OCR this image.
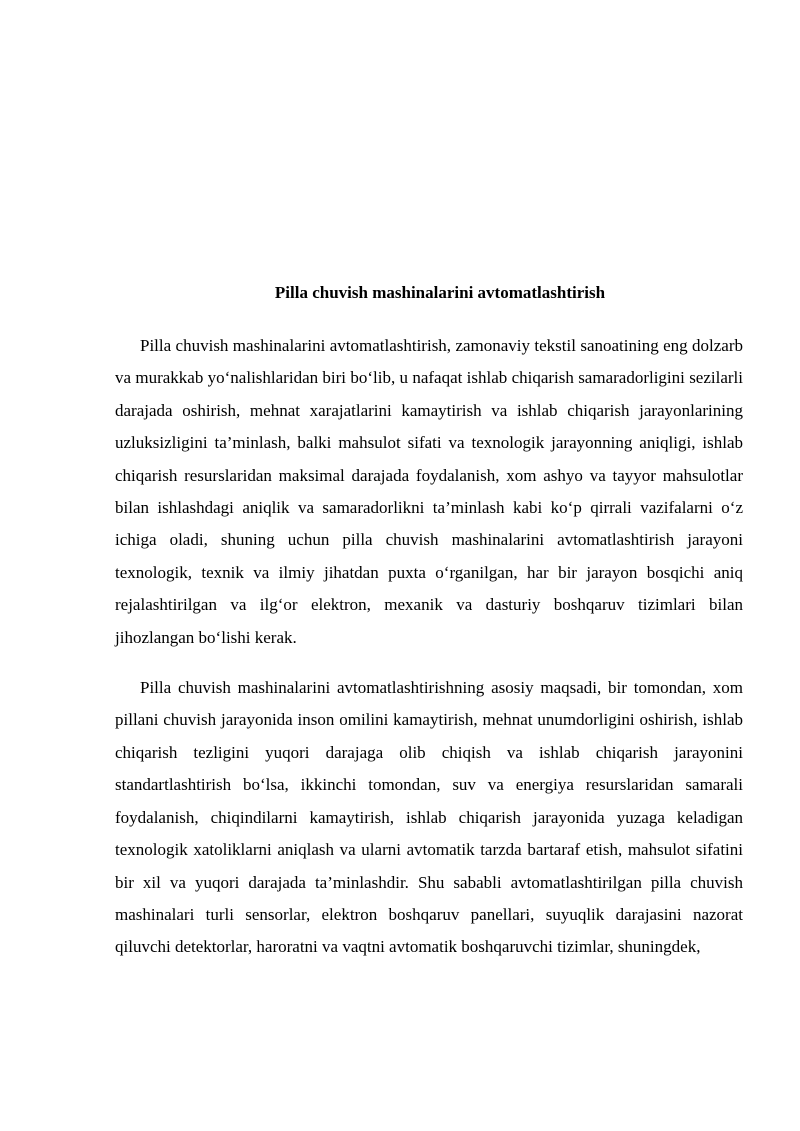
Pilla chuvish mashinalarini avtomatlashtirish

Pilla chuvish mashinalarini avtomatlashtirish, zamonaviy tekstil sanoatining eng dolzarb va murakkab yo‘nalishlaridan biri bo‘lib, u nafaqat ishlab chiqarish samaradorligini sezilarli darajada oshirish, mehnat xarajatlarini kamaytirish va ishlab chiqarish jarayonlarining uzluksizligini ta’minlash, balki mahsulot sifati va texnologik jarayonning aniqligi, ishlab chiqarish resurslaridan maksimal darajada foydalanish, xom ashyo va tayyor mahsulotlar bilan ishlashdagi aniqlik va samaradorlikni ta’minlash kabi ko‘p qirrali vazifalarni o‘z ichiga oladi, shuning uchun pilla chuvish mashinalarini avtomatlashtirish jarayoni texnologik, texnik va ilmiy jihatdan puxta o‘rganilgan, har bir jarayon bosqichi aniq rejalashtirilgan va ilg‘or elektron, mexanik va dasturiy boshqaruv tizimlari bilan jihozlangan bo‘lishi kerak.

Pilla chuvish mashinalarini avtomatlashtirishning asosiy maqsadi, bir tomondan, xom pillani chuvish jarayonida inson omilini kamaytirish, mehnat unumdorligini oshirish, ishlab chiqarish tezligini yuqori darajaga olib chiqish va ishlab chiqarish jarayonini standartlashtirish bo‘lsa, ikkinchi tomondan, suv va energiya resurslaridan samarali foydalanish, chiqindilarni kamaytirish, ishlab chiqarish jarayonida yuzaga keladigan texnologik xatoliklarni aniqlash va ularni avtomatik tarzda bartaraf etish, mahsulot sifatini bir xil va yuqori darajada ta’minlashdir. Shu sababli avtomatlashtirilgan pilla chuvish mashinalari turli sensorlar, elektron boshqaruv panellari, suyuqlik darajasini nazorat qiluvchi detektorlar, haroratni va vaqtni avtomatik boshqaruvchi tizimlar, shuningdek,
